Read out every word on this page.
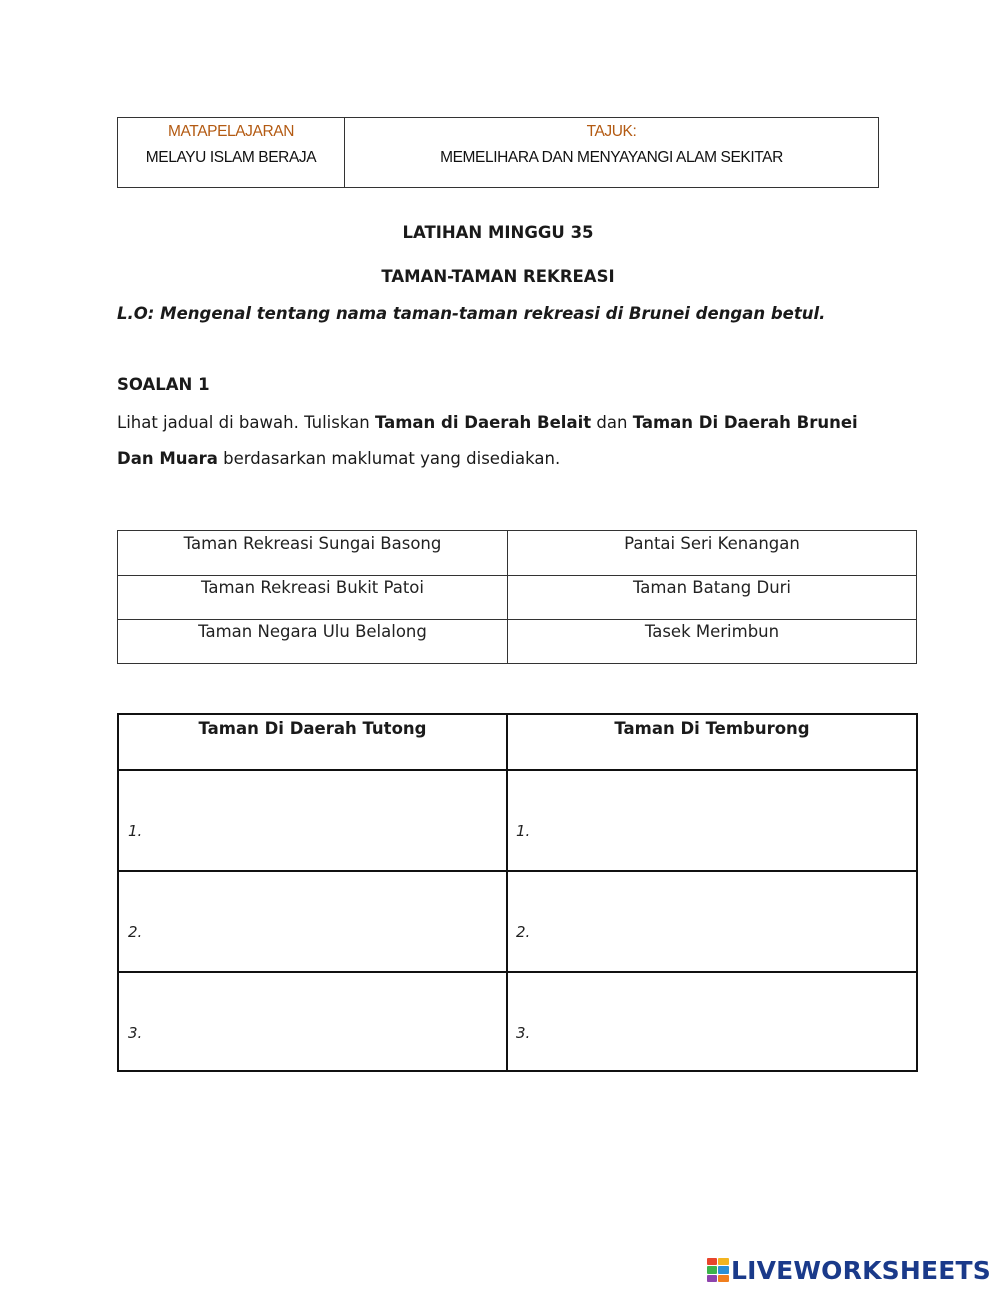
MATAPELAJARAN
MELAYU ISLAM BERAJA
TAJUK:
MEMELIHARA DAN MENYAYANGI ALAM SEKITAR
LATIHAN MINGGU 35
TAMAN-TAMAN REKREASI
L.O: Mengenal tentang nama taman-taman rekreasi di Brunei dengan betul.
SOALAN 1
Lihat jadual di bawah. Tuliskan Taman di Daerah Belait dan Taman Di Daerah Brunei Dan Muara berdasarkan maklumat yang disediakan.
Taman Rekreasi Sungai Basong	Pantai Seri Kenangan
Taman Rekreasi Bukit Patoi	Taman Batang Duri
Taman Negara Ulu Belalong	Tasek Merimbun
Taman Di Daerah Tutong	Taman Di Temburong
1.	1.
2.	2.
3.	3.
LIVEWORKSHEETS
